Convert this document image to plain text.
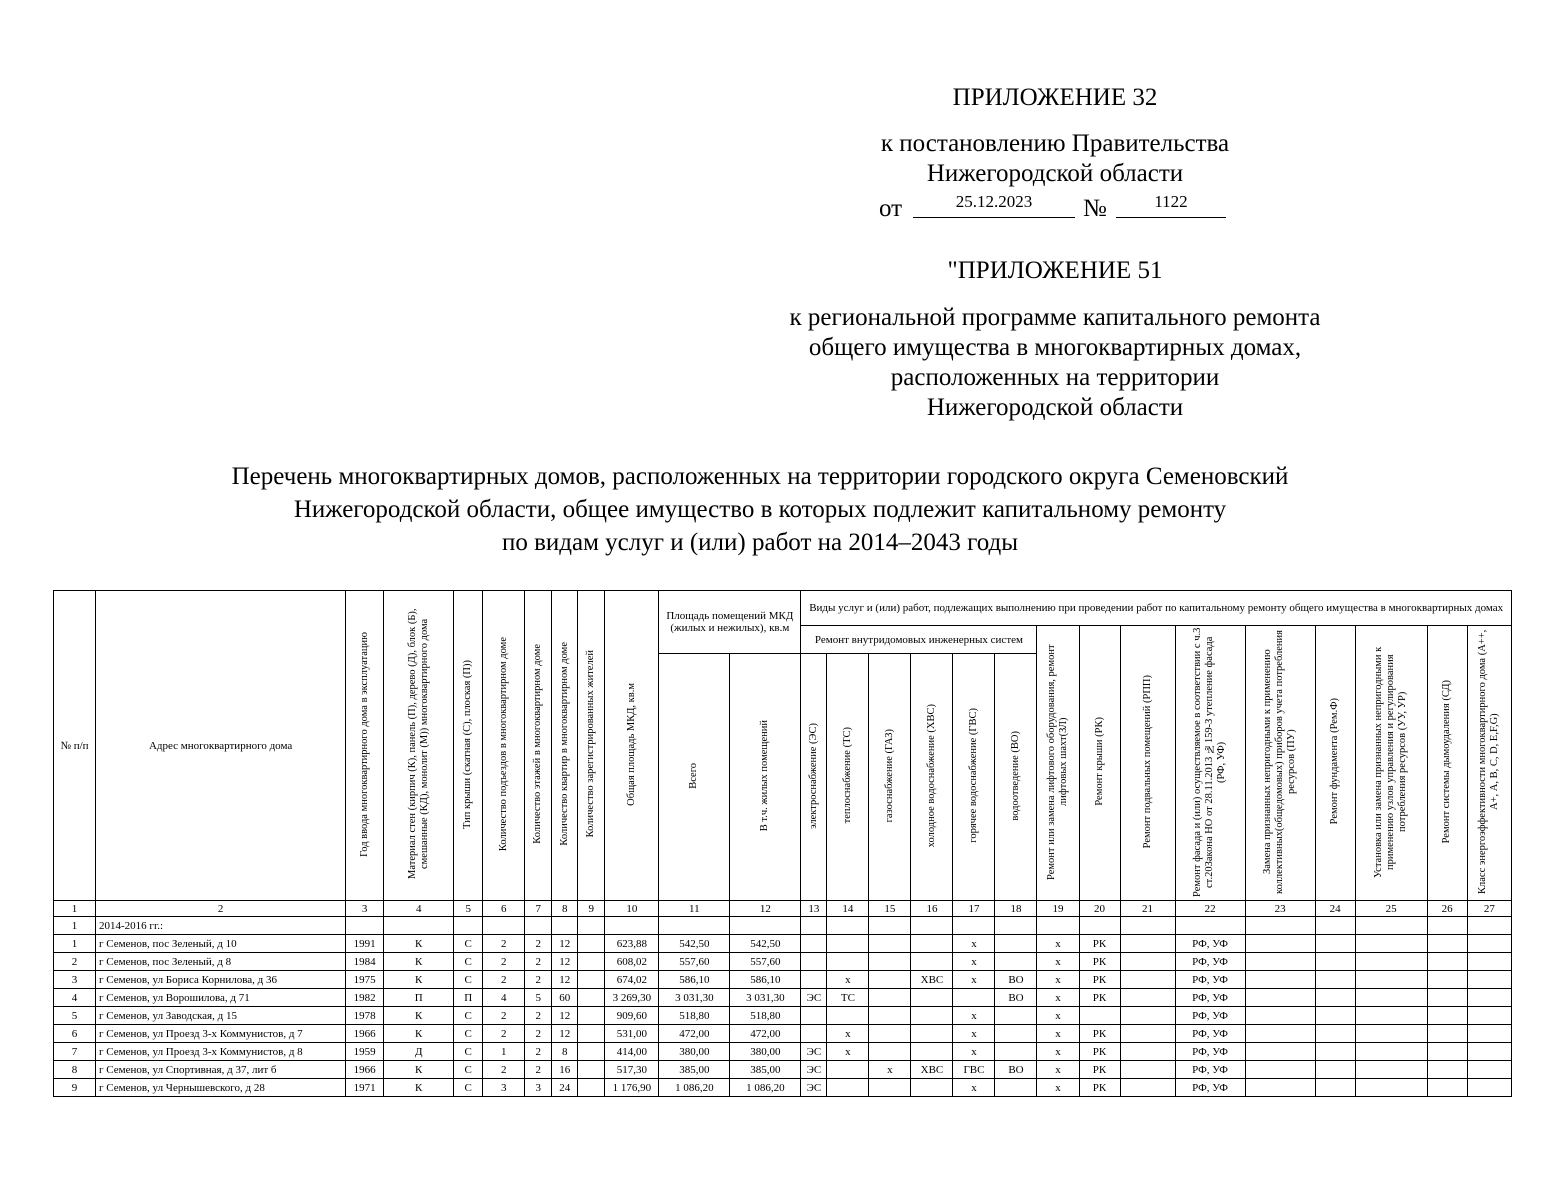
ПРИЛОЖЕНИЕ 32
к постановлению Правительства
Нижегородской области
от	25.12.2023	№	1122
"ПРИЛОЖЕНИЕ 51
к региональной программе капитального ремонта
общего имущества в многоквартирных домах,
расположенных на территории
Нижегородской области
Перечень многоквартирных домов, расположенных на территории городского округа Семеновский
Нижегородской области, общее имущество в которых подлежит капитальному ремонту
по видам услуг и (или) работ на 2014–2043 годы
№ п/п	Адрес многоквартирного дома	Год ввода многоквартирного дома в эксплуатацию	Материал стен (кирпич (К), панель (П), дерево (Д), блок (Б), смешанные (КД), монолит (М)) многоквартирного дома	Тип крыши (скатная (С), плоская (П))	Количество подъездов в многоквартирном доме	Количество этажей в многоквартирном доме	Количество квартир в многоквартирном доме	Количество зарегистрированных жителей	Общая площадь МКД, кв.м	Площадь помещений МКД (жилых и нежилых), кв.м		Виды услуг и (или) работ, подлежащих выполнению при проведении работ по капитальному ремонту общего имущества в многоквартирных домах														
												Ремонт внутридомовых инженерных систем						Ремонт или замена лифтового оборудования, ремонт лифтовых шахт(ЗЛ)	Ремонт крыши (РК)	Ремонт подвальных помещений (РПП)	Ремонт фасада и (или) осуществляемое в соответствии с ч.3 ст.20Закона НО от 28.11.2013 №159-З утепление фасада (РФ, УФ)	Замена признанных непригодными к применению коллективных(общедомовых) приборов учета потребления ресурсов (ПУ)	Ремонт фундамента (Рем.Ф)	Установка или замена признанных непригодными к применению узлов управления и регулирования потребления ресурсов (УУ, УР)	Ремонт системы дымоудаления (СД)	Класс энергоэффективности многоквартирного дома (А++, А+, А, В, С, D, E,F,G)
										Всего	В т.ч. жилых помещений	электроснабжение (ЭС)	теплоснабжение (ТС)	газоснабжение (ГАЗ)	холодное водоснабжение (ХВС)	горячее водоснабжение (ГВС)	водоотведение (ВО)									
1	2	3	4	5	6	7	8	9	10	11	12	13	14	15	16	17	18	19	20	21	22	23	24	25	26	27
1	2014-2016 гг.:																									
1	г Семенов, пос Зеленый, д 10	1991	К	С	2	2	12		623,88	542,50	542,50					х		х	РК		РФ, УФ					
2	г Семенов, пос Зеленый, д 8	1984	К	С	2	2	12		608,02	557,60	557,60					х		х	РК		РФ, УФ					
3	г Семенов, ул Бориса Корнилова, д 36	1975	К	С	2	2	12		674,02	586,10	586,10		х		ХВС	х	ВО	х	РК		РФ, УФ					
4	г Семенов, ул Ворошилова, д 71	1982	П	П	4	5	60		3 269,30	3 031,30	3 031,30	ЭС	ТС				ВО	х	РК		РФ, УФ					
5	г Семенов, ул Заводская, д 15	1978	К	С	2	2	12		909,60	518,80	518,80					х		х			РФ, УФ					
6	г Семенов, ул Проезд 3-х Коммунистов, д 7	1966	К	С	2	2	12		531,00	472,00	472,00		х			х		х	РК		РФ, УФ					
7	г Семенов, ул Проезд 3-х Коммунистов, д 8	1959	Д	С	1	2	8		414,00	380,00	380,00	ЭС	х			х		х	РК		РФ, УФ					
8	г Семенов, ул Спортивная, д 37, лит б	1966	К	С	2	2	16		517,30	385,00	385,00	ЭС		х	ХВС	ГВС	ВО	х	РК		РФ, УФ					
9	г Семенов, ул Чернышевского, д 28	1971	К	С	3	3	24		1 176,90	1 086,20	1 086,20	ЭС				х		х	РК		РФ, УФ					
